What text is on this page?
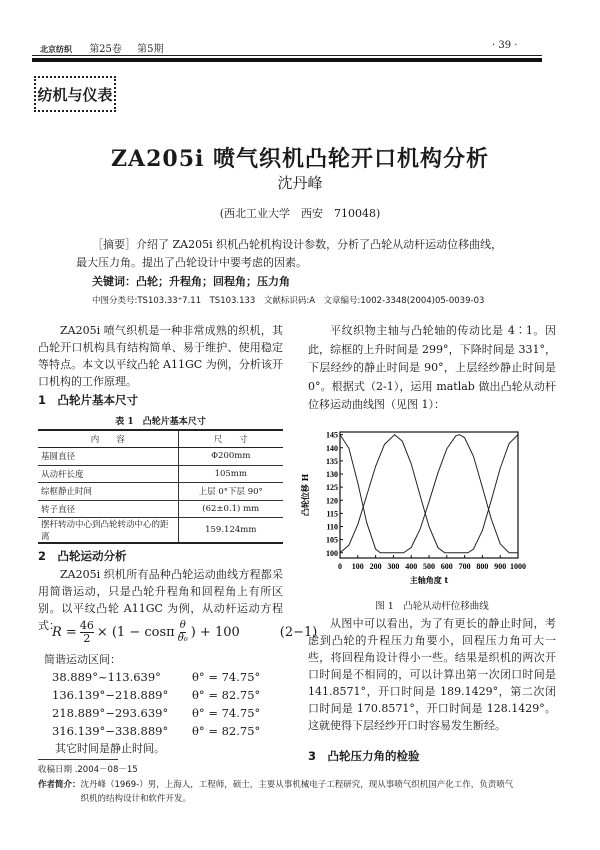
北京纺织 第25卷 第5期	· 39 ·
纺机与仪表
ZA205i 喷气织机凸轮开口机构分析
沈丹峰
(西北工业大学　西安　710048)
［摘要］介绍了 ZA205i 织机凸轮机构设计参数，分析了凸轮从动杆运动位移曲线，
最大压力角。提出了凸轮设计中要考虑的因素。
关键词：凸轮；升程角；回程角；压力角
中图分类号:TS103.33⁺7.11　TS103.133　文献标识码:A　文章编号:1002-3348(2004)05-0039-03
ZA205i 喷气织机是一种非常成熟的织机，其凸轮开口机构具有结构简单、易于维护、使用稳定等特点。本文以平纹凸轮 A11GC 为例，分析该开口机构的工作原理。
1　凸轮片基本尺寸
表 1　凸轮片基本尺寸
内　　容	尺　　寸
基圆直径	Φ200mm
从动杆长度	105mm
综框静止时间	上层 0°下层 90°
转子直径	(62±0.1) mm
摆杆转动中心到凸轮转动中心的距离	159.124mm
2　凸轮运动分析
ZA205i 织机所有品种凸轮运动曲线方程都采用简谐运动，只是凸轮升程角和回程角上有所区别。以平纹凸轮 A11GC 为例，从动杆运动方程式：
$R = \frac{46}{2} \times (1 - \cos\pi$ θ
θ₀ ) + 100	(2−1)
简谐运动区间：
38.889°~113.639°	θ° = 74.75°
136.139°−218.889° θ° = 82.75°
218.889°−293.639° θ° = 74.75°
316.139°−338.889° θ° = 82.75°
其它时间是静止时间。
平纹织物主轴与凸轮轴的传动比是 4∶1。因此，综框的上升时间是 299°，下降时间是 331°，下层经纱的静止时间是 90°，上层经纱静止时间是 0°。根据式（2-1），运用 matlab 做出凸轮从动杆位移运动曲线图（见图 1）：
0 100 200 300 400 500 600 700 800 900 1000
100
105
110
115
120
125
130
135
140
145
主轴角度 t
凸轮位移 H
图 1　凸轮从动杆位移曲线
从图中可以看出，为了有更长的静止时间，考虑到凸轮的升程压力角要小，回程压力角可大一些，将回程角设计得小一些。结果是织机的两次开口时间是不相同的，可以计算出第一次闭口时间是 141.8571°，开口时间是 189.1429°，第二次闭口时间是 170.8571°，开口时间是 128.1429°。这就使得下层经纱开口时容易发生断经。
3　凸轮压力角的检验
收稿日期 .2004－08－15
作者简介： 沈丹峰（1969-）男，上海人，工程师，硕士，主要从事机械电子工程研究，现从事喷气织机国产化工作，负责喷气织机的结构设计和软件开发。
